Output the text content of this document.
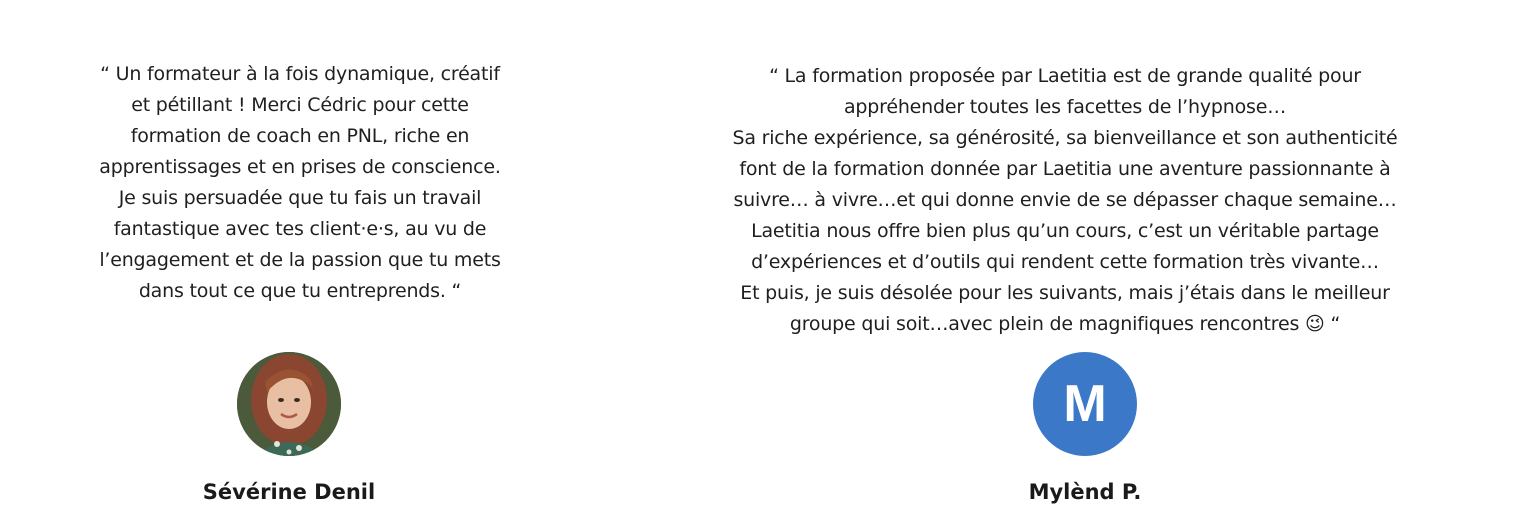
“ Un formateur à la fois dynamique, créatif
et pétillant ! Merci Cédric pour cette
formation de coach en PNL, riche en
apprentissages et en prises de conscience.
Je suis persuadée que tu fais un travail
fantastique avec tes client·e·s, au vu de
l’engagement et de la passion que tu mets
dans tout ce que tu entreprends. “

Sévérine Denil

“ La formation proposée par Laetitia est de grande qualité pour
appréhender toutes les facettes de l’hypnose…
Sa riche expérience, sa générosité, sa bienveillance et son authenticité
font de la formation donnée par Laetitia une aventure passionnante à
suivre… à vivre…et qui donne envie de se dépasser chaque semaine…
Laetitia nous offre bien plus qu’un cours, c’est un véritable partage
d’expériences et d’outils qui rendent cette formation très vivante…
Et puis, je suis désolée pour les suivants, mais j’étais dans le meilleur
groupe qui soit…avec plein de magnifiques rencontres 😉 “

M
Mylènd P.
